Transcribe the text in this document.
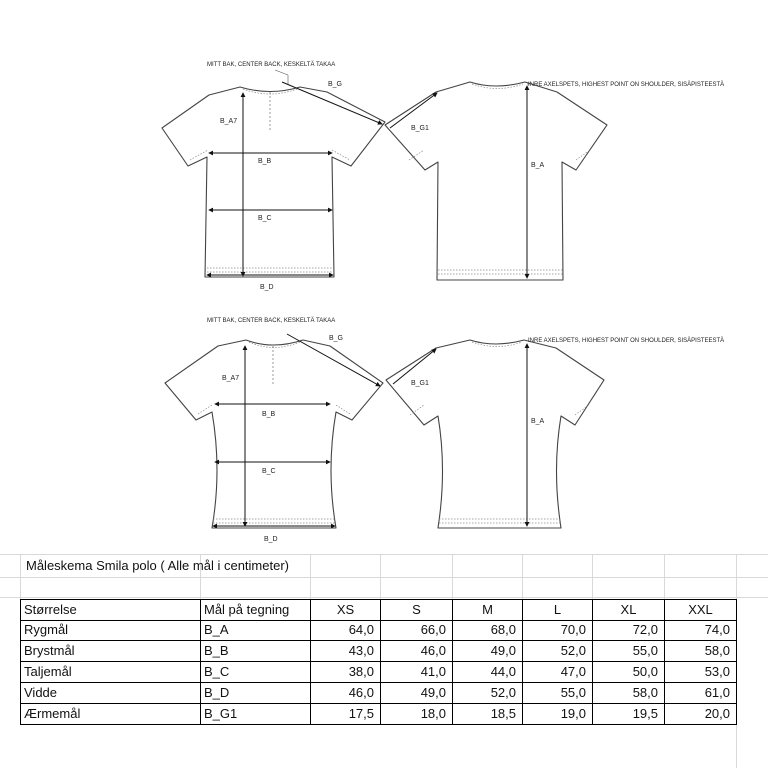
MITT BAK, CENTER BACK, KESKELTÄ TAKAA
B_G
B_A7
B_B
B_C
B_D
INRE AXELSPETS, HIGHEST POINT ON SHOULDER, SISÄPISTEESTÄ
B_G1
B_A
MITT BAK, CENTER BACK, KESKELTÄ TAKAA
B_G
B_A7
B_B
B_C
B_D
INRE AXELSPETS, HIGHEST POINT ON SHOULDER, SISÄPISTEESTÄ
B_G1
B_A
Måleskema Smila polo ( Alle mål i centimeter)
Størrelse	Mål på tegning	XS	S	M	L	XL	XXL
Rygmål	B_A	64,0	66,0	68,0	70,0	72,0	74,0
Brystmål	B_B	43,0	46,0	49,0	52,0	55,0	58,0
Taljemål	B_C	38,0	41,0	44,0	47,0	50,0	53,0
Vidde	B_D	46,0	49,0	52,0	55,0	58,0	61,0
Ærmemål	B_G1	17,5	18,0	18,5	19,0	19,5	20,0
